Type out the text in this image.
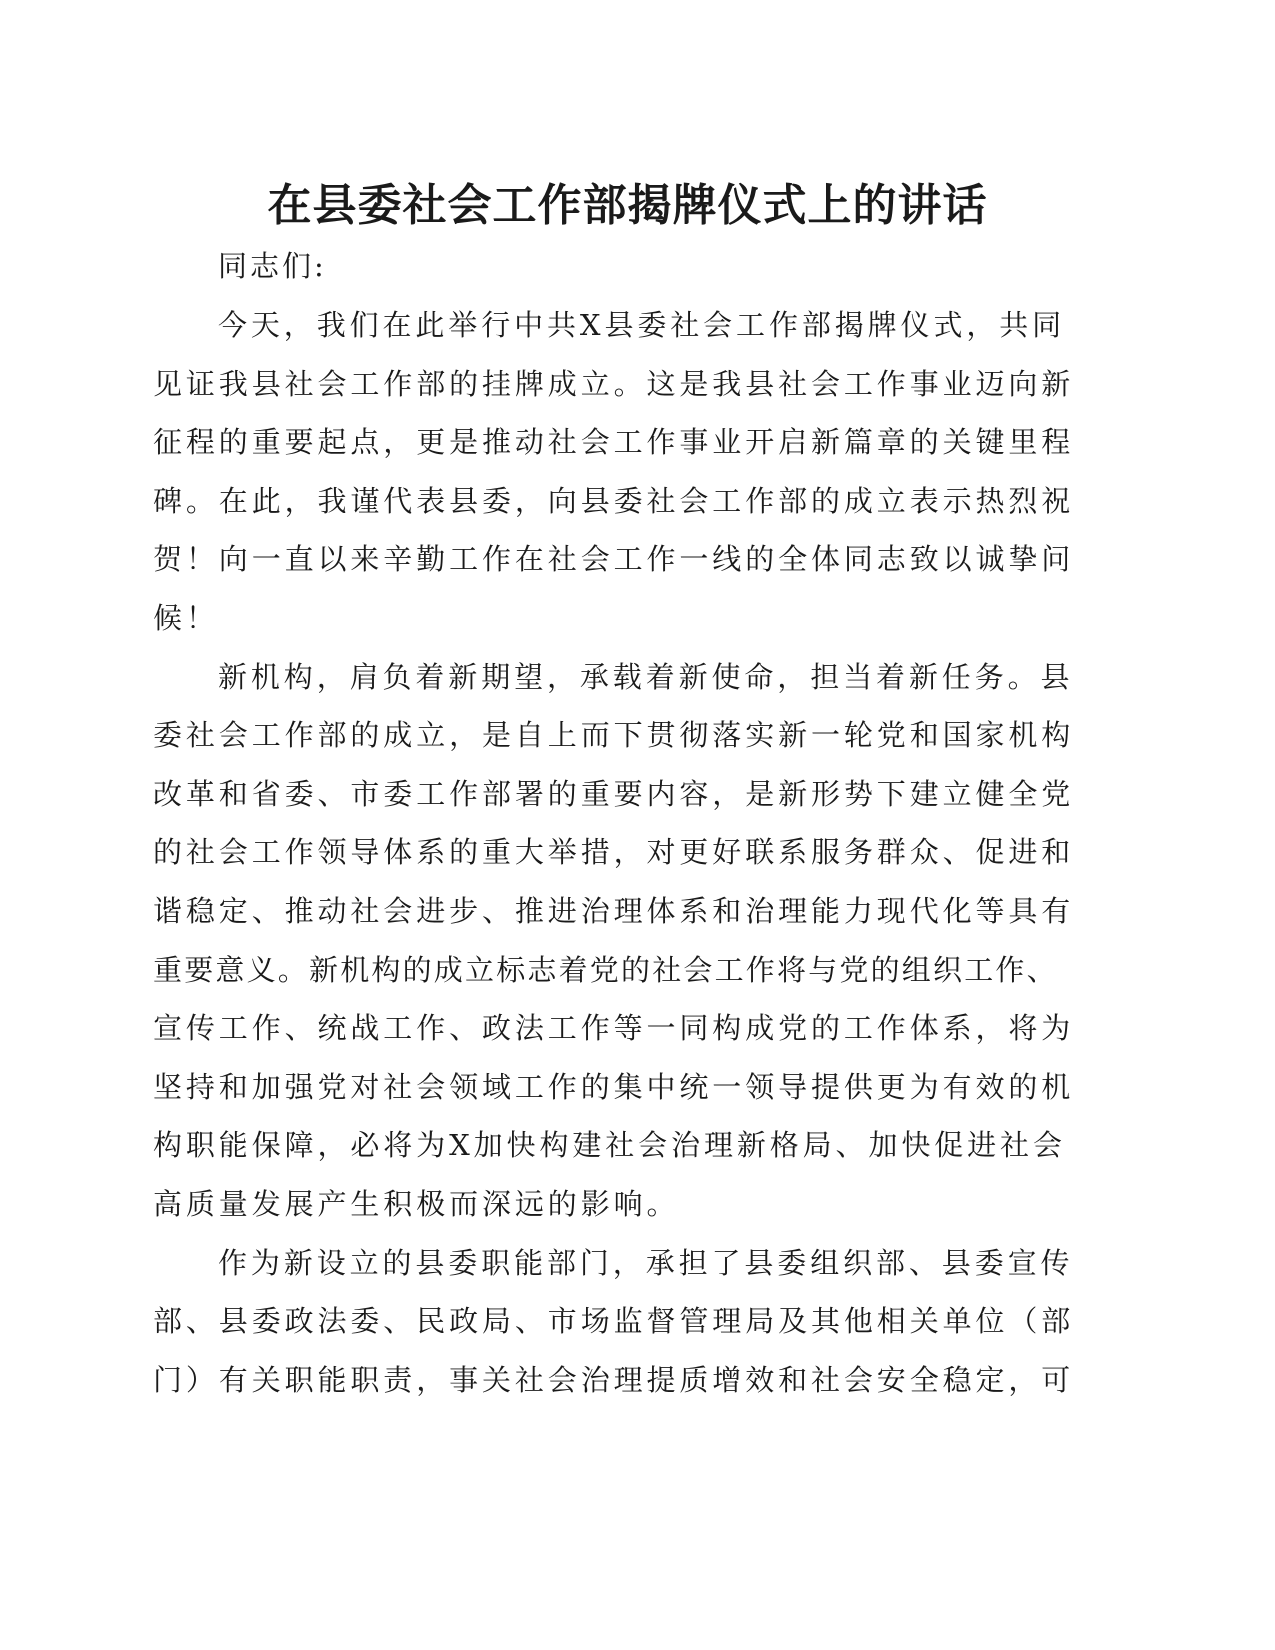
在县委社会工作部揭牌仪式上的讲话

同志们:

今天，我们在此举行中共X县委社会工作部揭牌仪式，共同

见证我县社会工作部的挂牌成立。这是我县社会工作事业迈向新

征程的重要起点，更是推动社会工作事业开启新篇章的关键里程

碑。在此，我谨代表县委，向县委社会工作部的成立表示热烈祝

贺！向一直以来辛勤工作在社会工作一线的全体同志致以诚挚问

候！

新机构，肩负着新期望，承载着新使命，担当着新任务。县

委社会工作部的成立，是自上而下贯彻落实新一轮党和国家机构

改革和省委、市委工作部署的重要内容，是新形势下建立健全党

的社会工作领导体系的重大举措，对更好联系服务群众、促进和

谐稳定、推动社会进步、推进治理体系和治理能力现代化等具有

重要意义。新机构的成立标志着党的社会工作将与党的组织工作、

宣传工作、统战工作、政法工作等一同构成党的工作体系，将为

坚持和加强党对社会领域工作的集中统一领导提供更为有效的机

构职能保障，必将为X加快构建社会治理新格局、加快促进社会

高质量发展产生积极而深远的影响。

作为新设立的县委职能部门，承担了县委组织部、县委宣传

部、县委政法委、民政局、市场监督管理局及其他相关单位（部

门）有关职能职责，事关社会治理提质增效和社会安全稳定，可
